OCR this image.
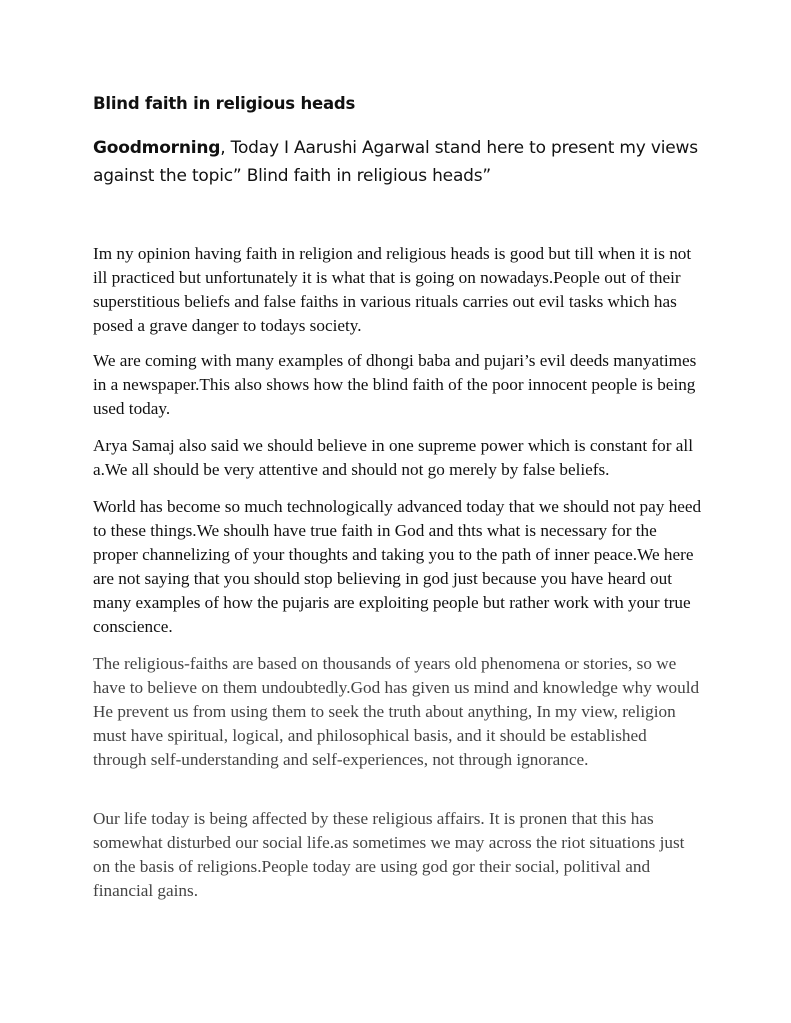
Blind faith in religious heads
Goodmorning, Today I Aarushi Agarwal stand here to present my views against the topic” Blind faith in religious heads”

Im ny opinion having faith in religion and religious heads is good but till when it is not ill practiced but unfortunately it is what that is going on nowadays.People out of their superstitious beliefs and false faiths in various rituals carries out evil tasks which has posed a grave danger to todays society.

We are coming with many examples of dhongi baba and pujari’s evil deeds manyatimes in a newspaper.This also shows how the blind faith of the poor innocent people is being used today.

Arya Samaj also said we should believe in one supreme power which is constant for all a.We all should be very attentive and should not go merely by false beliefs.

World has become so much technologically advanced today that we should not pay heed to these things.We shoulh have true faith in God and thts what is necessary for the proper channelizing of your thoughts and taking you to the path of inner peace.We here are not saying that you should stop believing in god just because you have heard out many examples of how the pujaris are exploiting people but rather work with your true conscience.

The religious-faiths are based on thousands of years old phenomena or stories, so we have to believe on them undoubtedly.God has given us mind and knowledge why would He prevent us from using them to seek the truth about anything, In my view, religion must have spiritual, logical, and philosophical basis, and it should be established through self-understanding and self-experiences, not through ignorance.

Our life today is being affected by these religious affairs. It is pronen that this has somewhat disturbed our social life.as sometimes we may across the riot situations just on the basis of religions.People today are using god gor their social, politival and financial gains.
